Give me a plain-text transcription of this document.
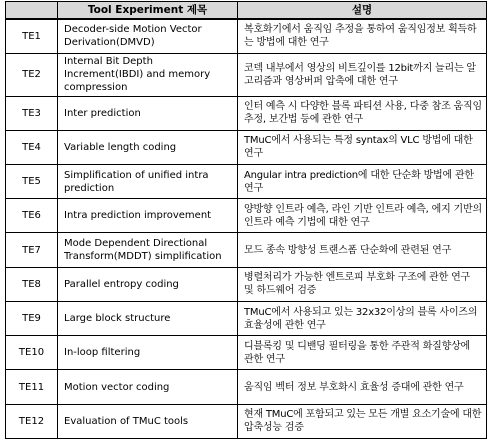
	Tool Experiment 제목	설명
TE1	Decoder-side Motion Vector Derivation(DMVD)	복호화기에서 움직임 추정을 통하여 움직임정보 획득하는 방법에 대한 연구
TE2	Internal Bit Depth Increment(IBDI) and memory compression	코덱 내부에서 영상의 비트깊이를 12bit까지 늘리는 알고리즘과 영상버퍼 압축에 대한 연구
TE3	Inter prediction	인터 예측 시 다양한 블록 파티션 사용, 다중 참조 움직임 추정, 보간법 등에 관한 연구
TE4	Variable length coding	TMuC에서 사용되는 특정 syntax의 VLC 방법에 대한 연구
TE5	Simplification of unified intra prediction	Angular intra prediction에 대한 단순화 방법에 관한 연구
TE6	Intra prediction improvement	양방향 인트라 예측, 라인 기반 인트라 예측, 에지 기반의 인트라 예측 기법에 대한 연구
TE7	Mode Dependent Directional Transform(MDDT) simplification	모드 종속 방향성 트랜스폼 단순화에 관련된 연구
TE8	Parallel entropy coding	병렬처리가 가능한 엔트로피 부호화 구조에 관한 연구 및 하드웨어 검증
TE9	Large block structure	TMuC에서 사용되고 있는 32x32이상의 블록 사이즈의 효율성에 관한 연구
TE10	In-loop filtering	디블록킹 및 디밴딩 필터링을 통한 주관적 화질향상에 관한 연구
TE11	Motion vector coding	움직임 벡터 정보 부호화시 효율성 증대에 관한 연구
TE12	Evaluation of TMuC tools	현재 TMuC에 포함되고 있는 모든 개별 요소기술에 대한 압축성능 검증
